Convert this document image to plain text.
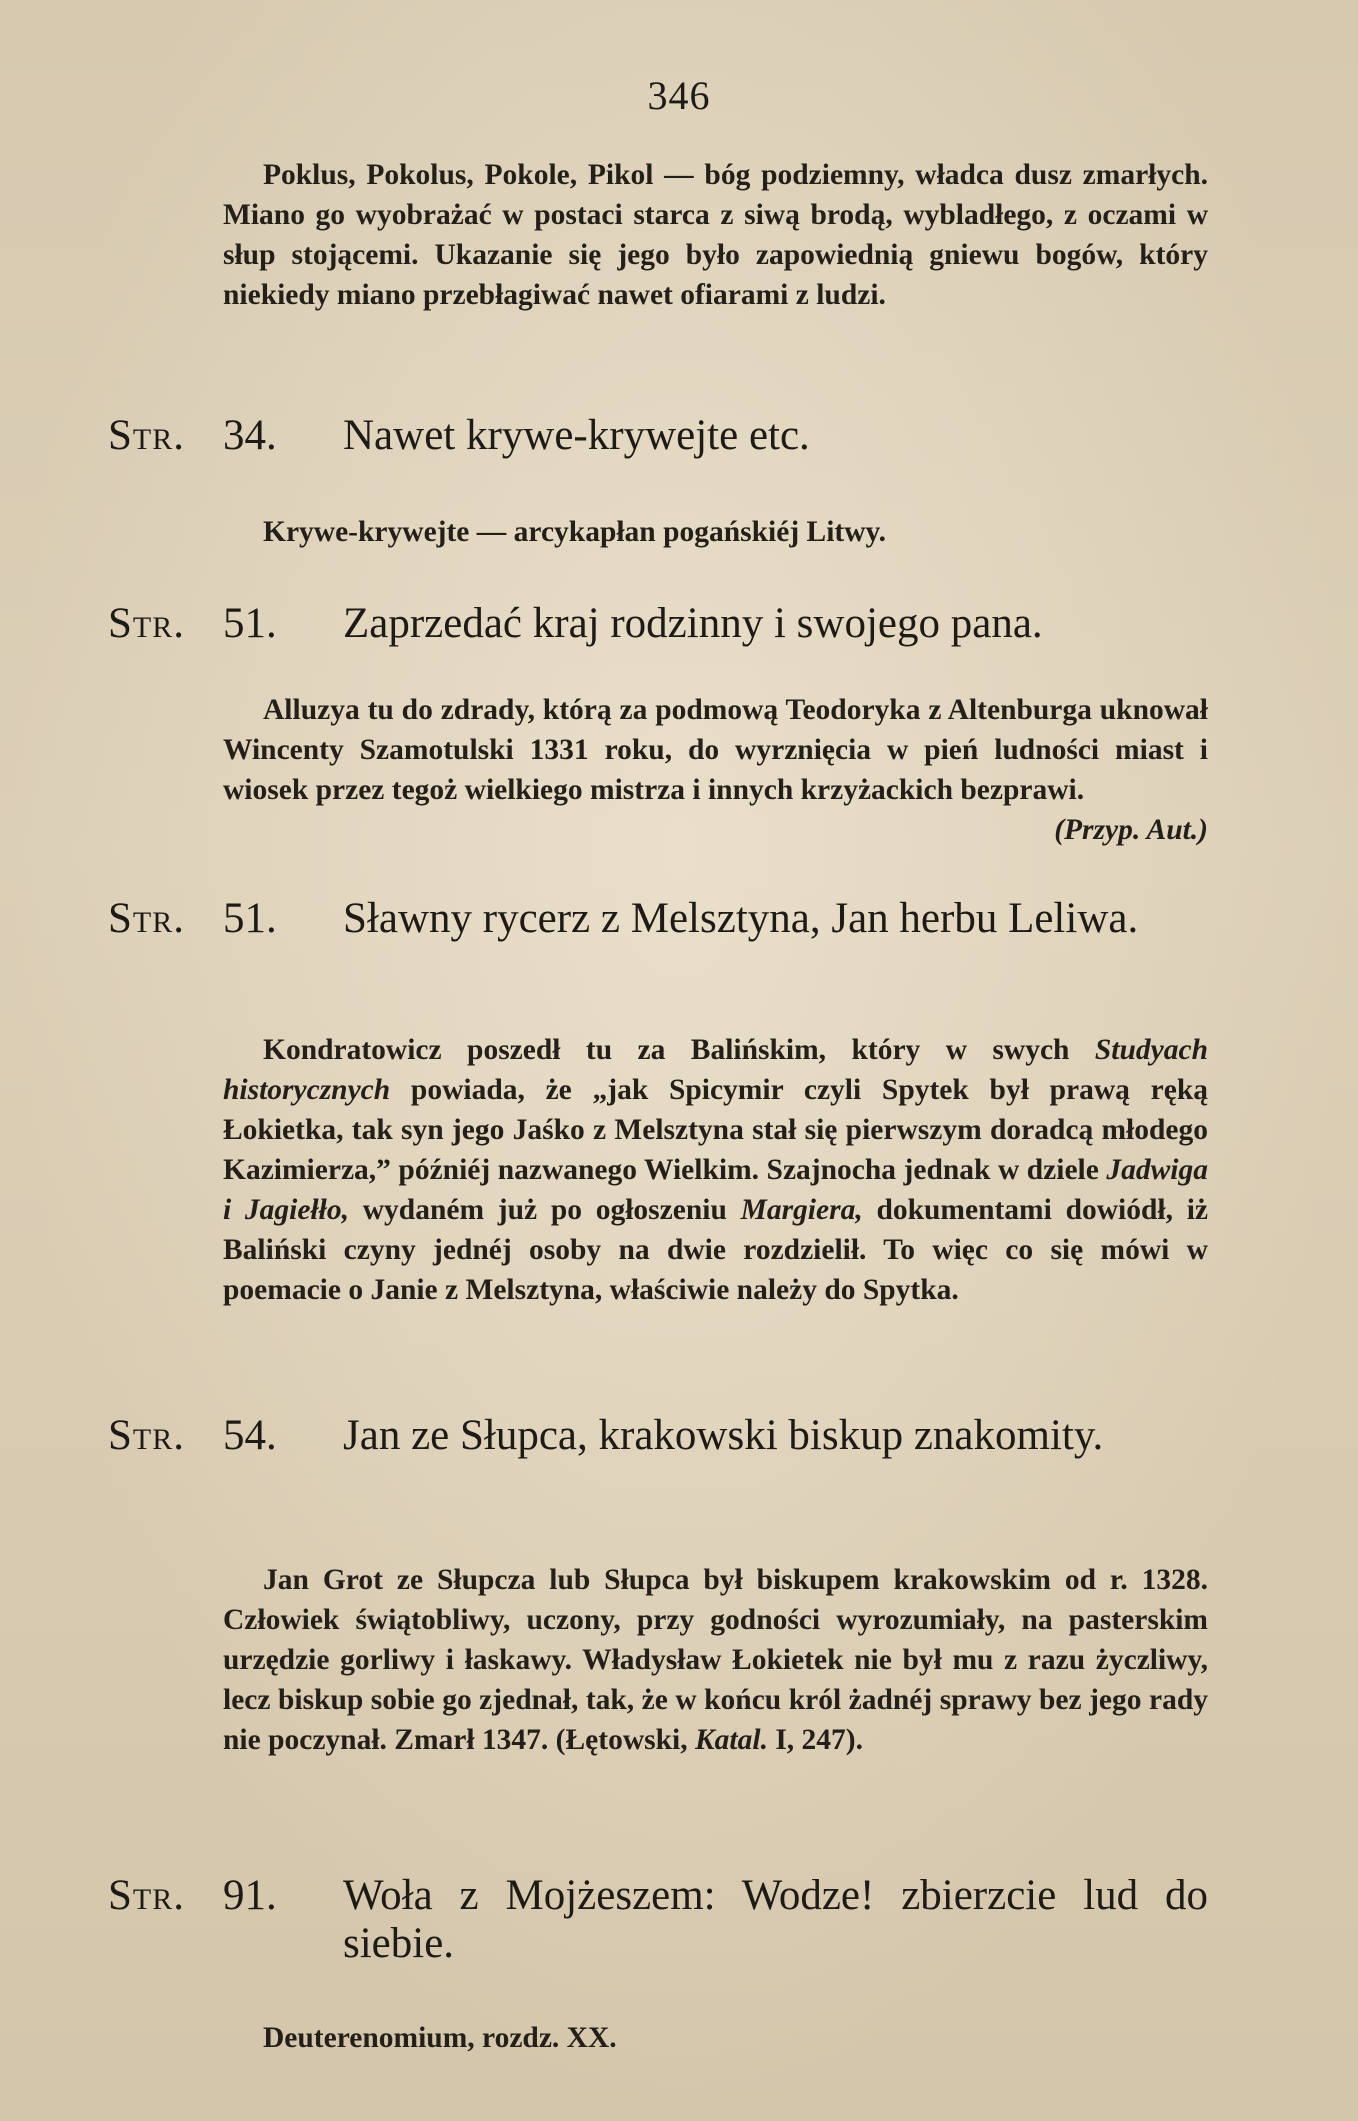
346

Poklus, Pokolus, Pokole, Pikol — bóg podziemny, władca dusz zmarłych. Miano go wyobrażać w postaci starca z siwą brodą, wybladłego, z oczami w słup stojącemi. Ukazanie się jego było zapowiednią gniewu bogów, który niekiedy miano przebłagiwać nawet ofiarami z ludzi.

Str. 34.	Nawet krywe-krywejte etc.

Krywe-krywejte — arcykapłan pogańskiéj Litwy.

Str. 51.	Zaprzedać kraj rodzinny i swojego pana.

Alluzya tu do zdrady, którą za podmową Teodoryka z Altenburga uknował Wincenty Szamotulski 1331 roku, do wyrznięcia w pień ludności miast i wiosek przez tegoż wielkiego mistrza i innych krzyżackich bezprawi.
(Przyp. Aut.)

Str. 51.	Sławny rycerz z Melsztyna, Jan herbu Leliwa.

Kondratowicz poszedł tu za Balińskim, który w swych Studyach historycznych powiada, że „jak Spicymir czyli Spytek był prawą ręką Łokietka, tak syn jego Jaśko z Melsztyna stał się pierwszym doradcą młodego Kazimierza,” późniéj nazwanego Wielkim. Szajnocha jednak w dziele Jadwiga i Jagiełło, wydaném już po ogłoszeniu Margiera, dokumentami dowiódł, iż Baliński czyny jednéj osoby na dwie rozdzielił. To więc co się mówi w poemacie o Janie z Melsztyna, właściwie należy do Spytka.

Str. 54.	Jan ze Słupca, krakowski biskup znakomity.

Jan Grot ze Słupcza lub Słupca był biskupem krakowskim od r. 1328. Człowiek świątobliwy, uczony, przy godności wyrozumiały, na pasterskim urzędzie gorliwy i łaskawy. Władysław Łokietek nie był mu z razu życzliwy, lecz biskup sobie go zjednał, tak, że w końcu król żadnéj sprawy bez jego rady nie poczynał. Zmarł 1347. (Łętowski, Katal. I, 247).

Str. 91.	Woła z Mojżeszem: Wodze! zbierzcie lud do siebie.

Deuterenomium, rozdz. XX.
